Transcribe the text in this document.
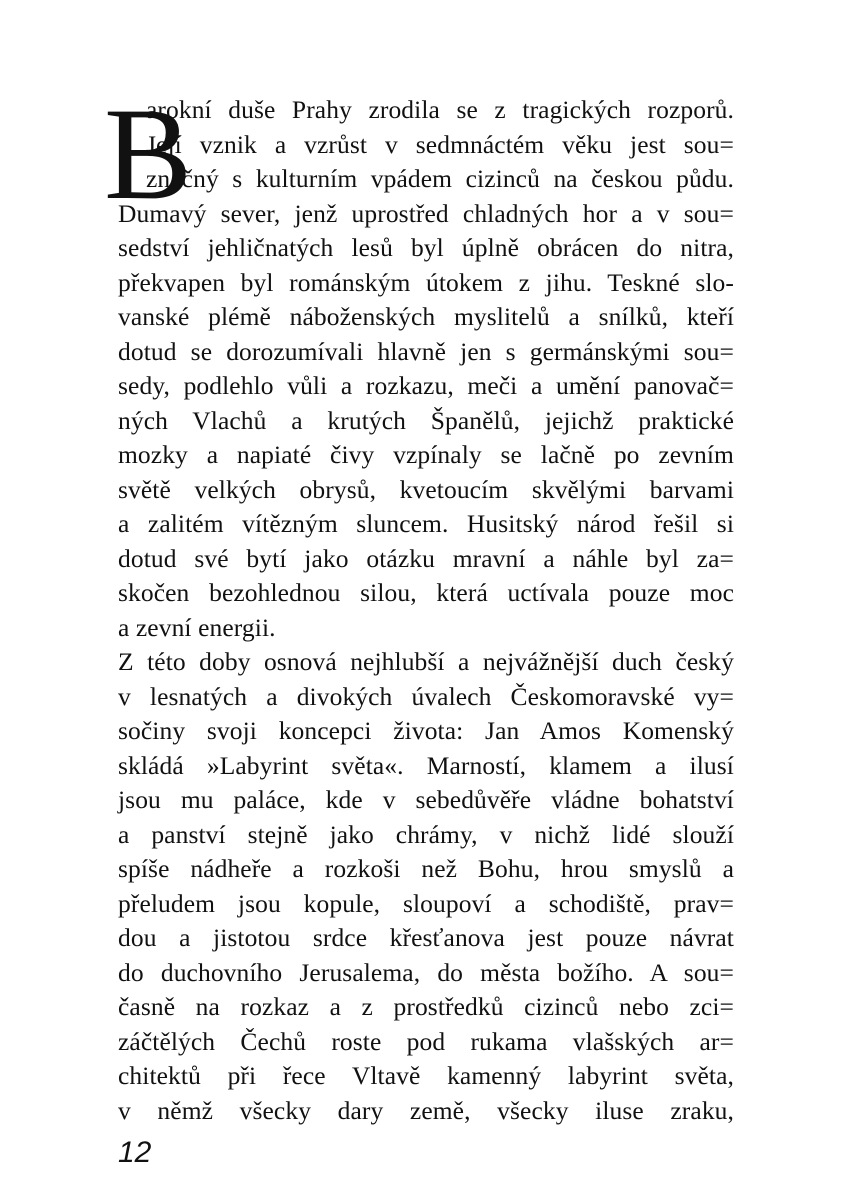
B
arokní duše Prahy zrodila se z tragických rozporů.
Její vznik a vzrůst v sedmnáctém věku jest sou=
značný s kulturním vpádem cizinců na českou půdu.
Dumavý sever, jenž uprostřed chladných hor a v sou=
sedství jehličnatých lesů byl úplně obrácen do nitra,
překvapen byl románským útokem z jihu. Teskné slo-
vanské plémě náboženských myslitelů a snílků, kteří
dotud se dorozumívali hlavně jen s germánskými sou=
sedy, podlehlo vůli a rozkazu, meči a umění panovač=
ných Vlachů a krutých Španělů, jejichž praktické
mozky a napiaté čivy vzpínaly se lačně po zevním
světě velkých obrysů, kvetoucím skvělými barvami
a zalitém vítězným sluncem. Husitský národ řešil si
dotud své bytí jako otázku mravní a náhle byl za=
skočen bezohlednou silou, která uctívala pouze moc
a zevní energii.
Z této doby osnová nejhlubší a nejvážnější duch český
v lesnatých a divokých úvalech Českomoravské vy=
sočiny svoji koncepci života: Jan Amos Komenský
skládá »Labyrint světa«. Marností, klamem a ilusí
jsou mu paláce, kde v sebedůvěře vládne bohatství
a panství stejně jako chrámy, v nichž lidé slouží
spíše nádheře a rozkoši než Bohu, hrou smyslů a
přeludem jsou kopule, sloupoví a schodiště, prav=
dou a jistotou srdce křesťanova jest pouze návrat
do duchovního Jerusalema, do města božího. A sou=
časně na rozkaz a z prostředků cizinců nebo zci=
záčtělých Čechů roste pod rukama vlašských ar=
chitektů při řece Vltavě kamenný labyrint světa,
v němž všecky dary země, všecky iluse zraku,
12
